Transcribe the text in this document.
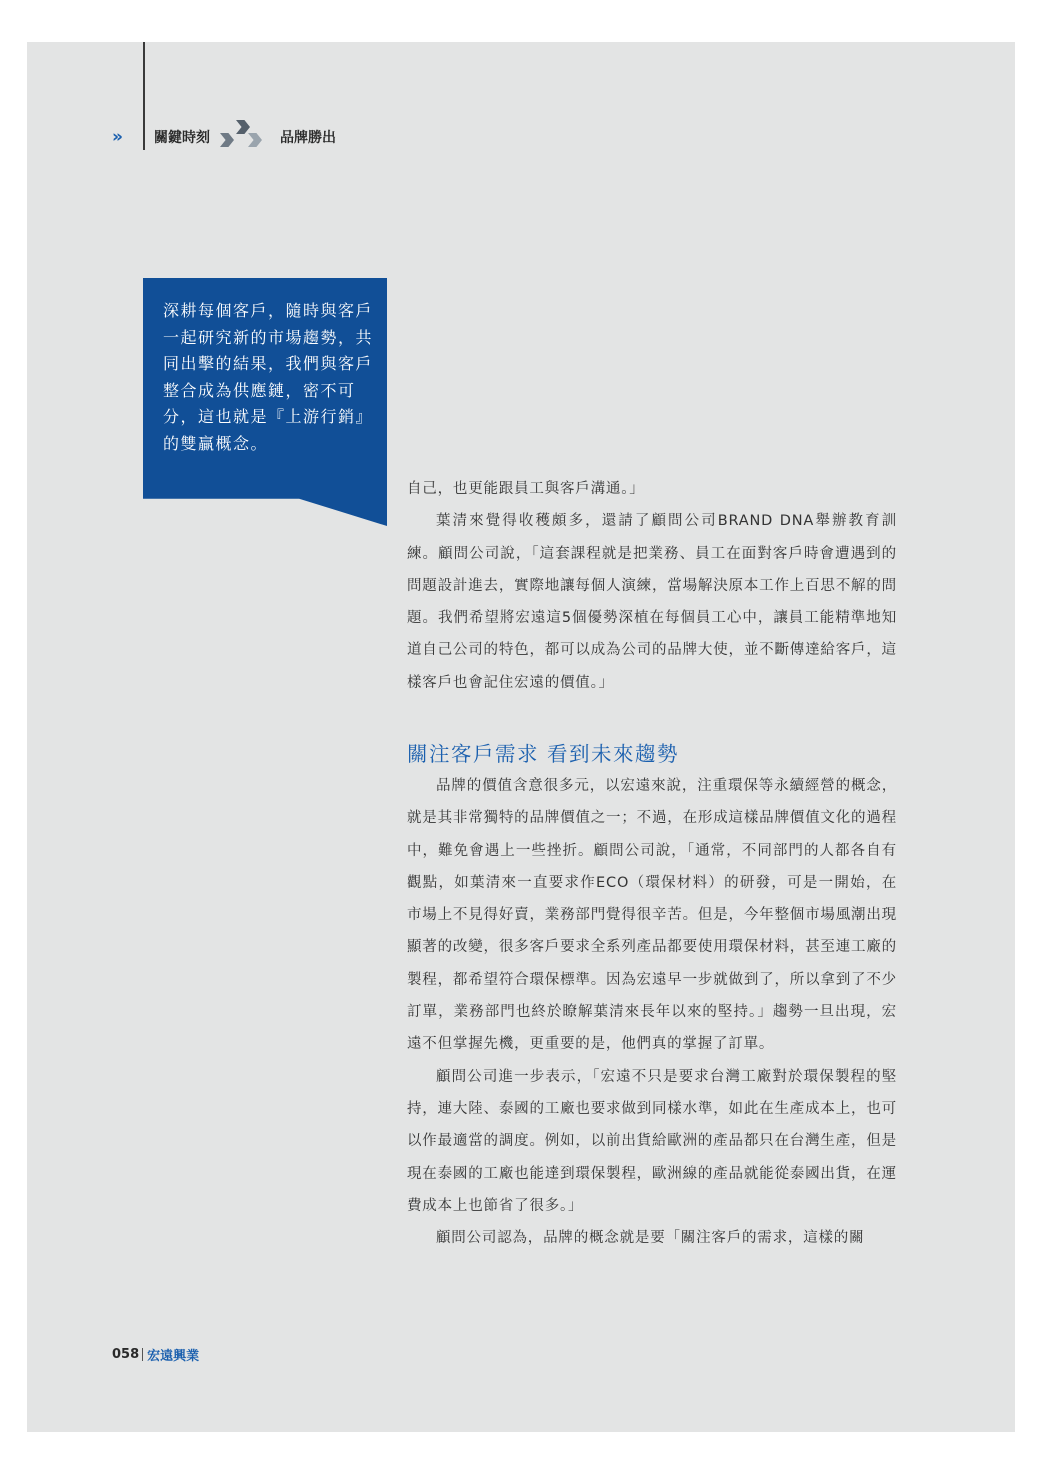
»	關鍵時刻	品牌勝出
深耕每個客戶，隨時與客戶一起研究新的市場趨勢，共同出擊的結果，我們與客戶整合成為供應鏈，密不可分，這也就是『上游行銷』的雙贏概念。

自己，也更能跟員工與客戶溝通。」

葉清來覺得收穫頗多，還請了顧問公司BRAND DNA舉辦教育訓練。顧問公司說，「這套課程就是把業務、員工在面對客戶時會遭遇到的問題設計進去，實際地讓每個人演練，當場解決原本工作上百思不解的問題。我們希望將宏遠這5個優勢深植在每個員工心中，讓員工能精準地知道自己公司的特色，都可以成為公司的品牌大使，並不斷傳達給客戶，這樣客戶也會記住宏遠的價值。」

關注客戶需求 看到未來趨勢

品牌的價值含意很多元，以宏遠來說，注重環保等永續經營的概念，就是其非常獨特的品牌價值之一；不過，在形成這樣品牌價值文化的過程中，難免會遇上一些挫折。顧問公司說，「通常，不同部門的人都各自有觀點，如葉清來一直要求作ECO（環保材料）的研發，可是一開始，在市場上不見得好賣，業務部門覺得很辛苦。但是，今年整個市場風潮出現顯著的改變，很多客戶要求全系列產品都要使用環保材料，甚至連工廠的製程，都希望符合環保標準。因為宏遠早一步就做到了，所以拿到了不少訂單，業務部門也終於瞭解葉清來長年以來的堅持。」趨勢一旦出現，宏遠不但掌握先機，更重要的是，他們真的掌握了訂單。

顧問公司進一步表示，「宏遠不只是要求台灣工廠對於環保製程的堅持，連大陸、泰國的工廠也要求做到同樣水準，如此在生產成本上，也可以作最適當的調度。例如，以前出貨給歐洲的產品都只在台灣生產，但是現在泰國的工廠也能達到環保製程，歐洲線的產品就能從泰國出貨，在運費成本上也節省了很多。」

顧問公司認為，品牌的概念就是要「關注客戶的需求，這樣的關

058 宏遠興業
